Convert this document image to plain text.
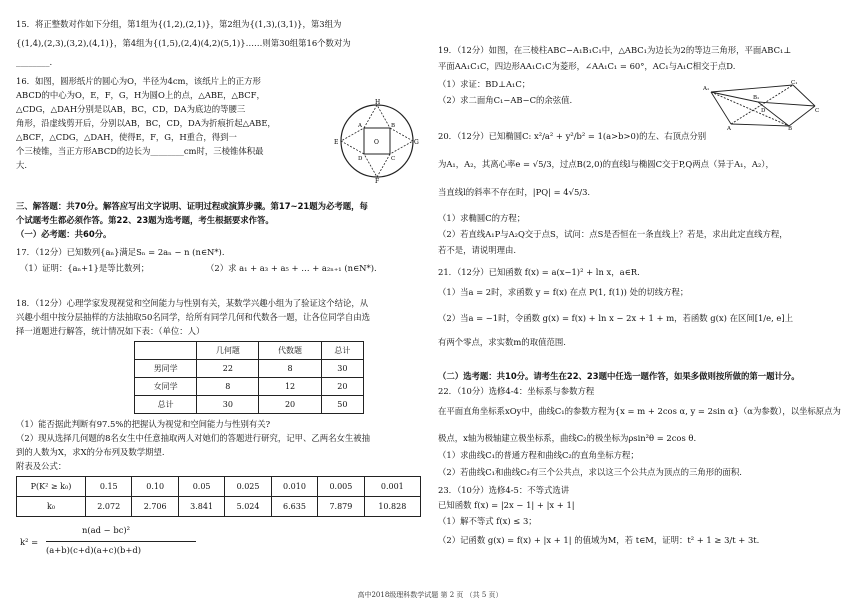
15．将正整数对作如下分组，第1组为{(1,2),(2,1)}，第2组为{(1,3),(3,1)}，第3组为
{(1,4),(2,3),(3,2),(4,1)}，第4组为{(1,5),(2,4)(4,2)(5,1)}……则第30组第16个数对为
________.
16．如图，圆形纸片的圆心为O，半径为4cm，该纸片上的正方形
ABCD的中心为O，E，F，G，H为圆O上的点，△ABE，△BCF，
△CDG，△DAH分别是以AB，BC，CD，DA为底边的等腰三
角形，沿虚线剪开后，分别以AB，BC，CD，DA为折痕折起△ABE，
△BCF，△CDG，△DAH，使得E，F，G，H重合，得到一
个三棱锥，当正方形ABCD的边长为________cm时，三棱锥体积最
大.
H
G
F
E
A	B
C
D
O
三、解答题：共70分。解答应写出文字说明、证明过程或演算步骤。第17~21题为必考题，每
个试题考生都必须作答。第22、23题为选考题，考生根据要求作答。
（一）必考题：共60分。
17．（12分）已知数列{aₙ}满足Sₙ = 2aₙ − n (n∈N*).
（1）证明：{aₙ+1}是等比数列；	（2）求 a₁ + a₃ + a₅ + … + a₂ₙ₊₁ (n∈N*).
18．（12分）心理学家发现视觉和空间能力与性别有关，某数学兴趣小组为了验证这个结论，从
兴趣小组中按分层抽样的方法抽取50名同学，给所有同学几何和代数各一题，让各位同学自由选
择一道题进行解答，统计情况如下表：（单位：人）
	几何题	代数题	总计
男同学	22	8	30
女同学	8	12	20
总计	30	20	50
（1）能否据此判断有97.5%的把握认为视觉和空间能力与性别有关?
（2）现从选择几何题的8名女生中任意抽取两人对她们的答题进行研究，记甲、乙两名女生被抽
到的人数为X，求X的分布列及数学期望.
附表及公式：
P(K² ≥ k₀)	0.15	0.10	0.05	0.025	0.010	0.005	0.001
k₀	2.072	2.706	3.841	5.024	6.635	7.879	10.828
k² =
n(ad − bc)²
(a+b)(c+d)(a+c)(b+d)
19．（12分）如图，在三棱柱ABC−A₁B₁C₁中，△ABC₁为边长为2的等边三角形，平面ABC₁⊥
平面AA₁C₁C，四边形AA₁C₁C为菱形，∠AA₁C₁ = 60°，AC₁与A₁C相交于点D.
（1）求证：BD⊥A₁C；
（2）求二面角C₁−AB−C的余弦值.
A₁
B₁
C₁
A	B
C
D
20．（12分）已知椭圆C: x²/a² + y²/b² = 1(a>b>0)的左、右顶点分别
为A₁，A₂，其离心率e = √5/3，过点B(2,0)的直线l与椭圆C交于P,Q两点（异于A₁，A₂），
当直线l的斜率不存在时，|PQ| = 4√5/3.
（1）求椭圆C的方程；
（2）若直线A₁P与A₂Q交于点S，试问：点S是否恒在一条直线上？若是，求出此定直线方程，
若不是，请说明理由.
21．（12分）已知函数 f(x) = a(x−1)² + ln x，a∈R.
（1）当a = 2时，求函数 y = f(x) 在点 P(1, f(1)) 处的切线方程；
（2）当a = −1时，令函数 g(x) = f(x) + ln x − 2x + 1 + m，若函数 g(x) 在区间[1/e, e]上
有两个零点，求实数m的取值范围.
（二）选考题：共10分。请考生在22、23题中任选一题作答，如果多做则按所做的第一题计分。
22．（10分）选修4-4：坐标系与参数方程
在平面直角坐标系xOy中，曲线C₁的参数方程为{x = m + 2cos α, y = 2sin α}（α为参数），以坐标原点为
极点，x轴为极轴建立极坐标系，曲线C₂的极坐标为ρsin²θ = 2cos θ.
（1）求曲线C₁的普通方程和曲线C₂的直角坐标方程；
（2）若曲线C₁和曲线C₂有三个公共点，求以这三个公共点为顶点的三角形的面积.
23．（10分）选修4-5：不等式选讲
已知函数 f(x) = |2x − 1| + |x + 1|
（1）解不等式 f(x) ≤ 3；
（2）记函数 g(x) = f(x) + |x + 1| 的值域为M，若 t∈M，证明：t² + 1 ≥ 3/t + 3t.
高中2018级理科数学试题 第 2 页 （共 5 页）
